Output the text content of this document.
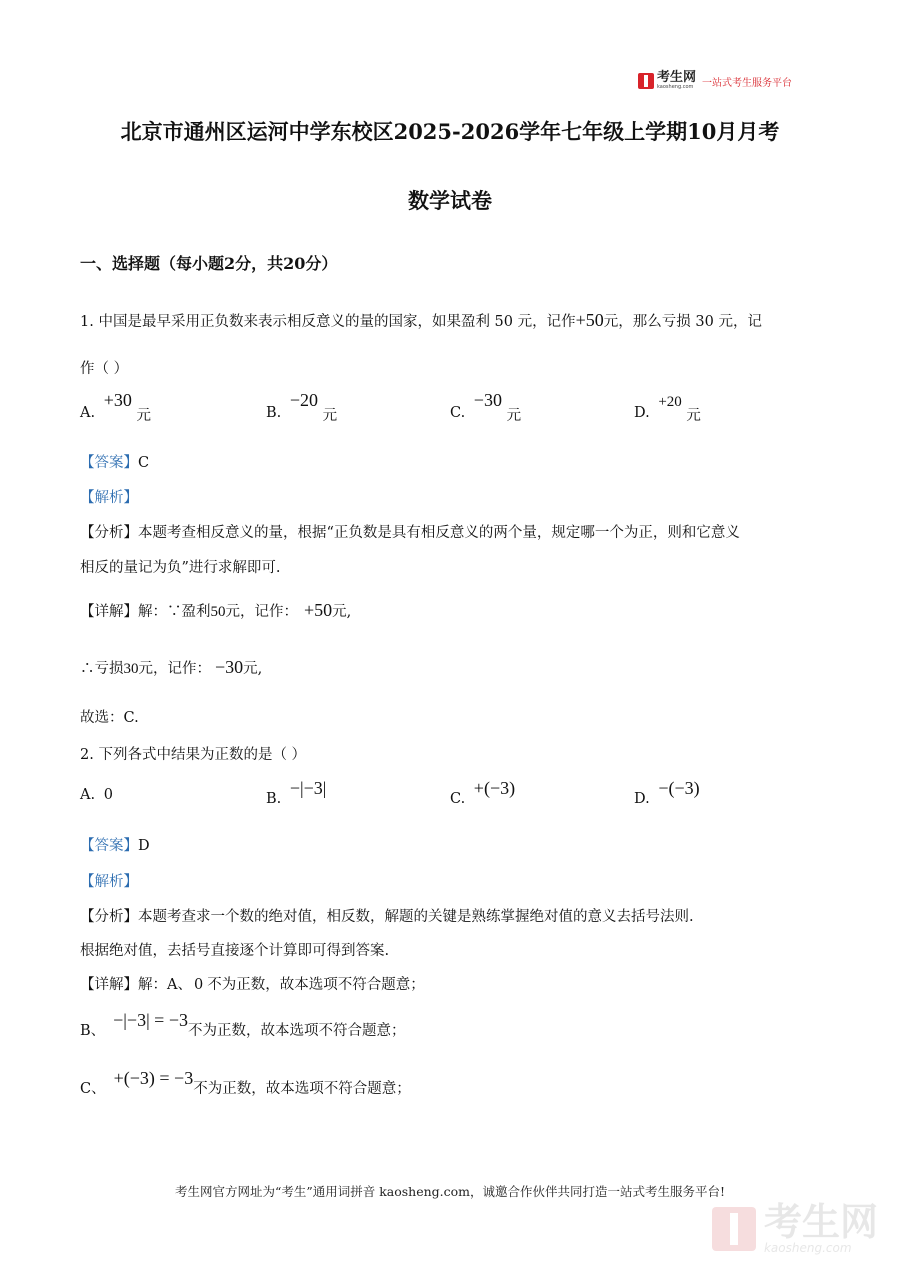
考生网
kaosheng.com 一站式考生服务平台
北京市通州区运河中学东校区2025-2026学年七年级上学期10月月考
数学试卷
一、选择题（每小题2分，共20分）
1. 中国是最早采用正负数来表示相反意义的量的国家，如果盈利 50 元，记作+50元，那么亏损 30 元，记
作（ ）
A. +30 元	B. −20 元	C. −30 元	D. +20 元
【答案】C
【解析】
【分析】本题考查相反意义的量，根据“正负数是具有相反意义的两个量，规定哪一个为正，则和它意义
相反的量记为负”进行求解即可.
【详解】解：∵盈利50元，记作： +50元,
∴亏损30元，记作： −30元,
故选：C.
2. 下列各式中结果为正数的是（ ）
A. 0	B. −|−3|
C. +(−3)
D. −(−3)
【答案】D
【解析】
【分析】本题考查求一个数的绝对值，相反数，解题的关键是熟练掌握绝对值的意义去括号法则.
根据绝对值，去括号直接逐个计算即可得到答案.
【详解】解：A、 0 不为正数，故本选项不符合题意；
B、−|−3| = −3不为正数，故本选项不符合题意；
C、+(−3) = −3不为正数，故本选项不符合题意；
考生网官方网址为“考生”通用词拼音 kaosheng.com，诚邀合作伙伴共同打造一站式考生服务平台!
考生网
kaosheng.com
